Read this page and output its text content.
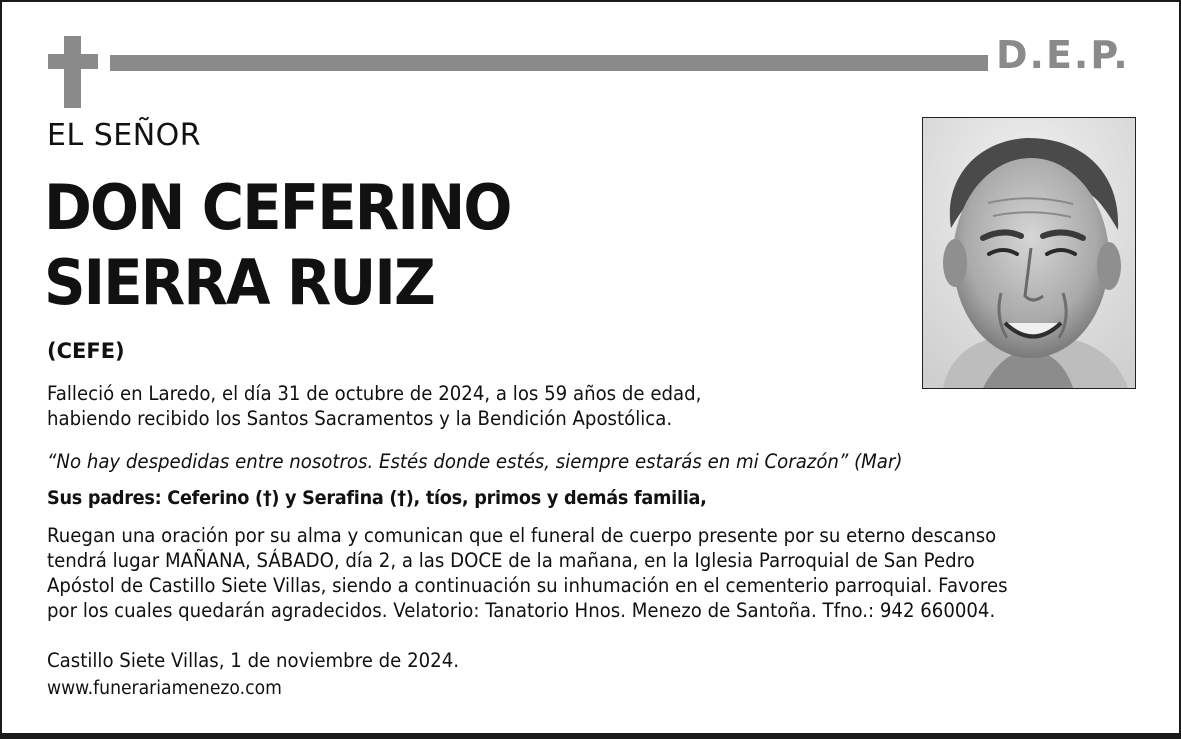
D.E.P.
EL SEÑOR
DON CEFERINO
SIERRA RUIZ
(CEFE)
Falleció en Laredo, el día 31 de octubre de 2024, a los 59 años de edad,
habiendo recibido los Santos Sacramentos y la Bendición Apostólica.
“No hay despedidas entre nosotros. Estés donde estés, siempre estarás en mi Corazón” (Mar)
Sus padres: Ceferino (†) y Serafina (†), tíos, primos y demás familia,
Ruegan una oración por su alma y comunican que el funeral de cuerpo presente por su eterno descanso
tendrá lugar MAÑANA, SÁBADO, día 2, a las DOCE de la mañana, en la Iglesia Parroquial de San Pedro
Apóstol de Castillo Siete Villas, siendo a continuación su inhumación en el cementerio parroquial. Favores
por los cuales quedarán agradecidos. Velatorio: Tanatorio Hnos. Menezo de Santoña. Tfno.: 942 660004.
Castillo Siete Villas, 1 de noviembre de 2024.
www.funerariamenezo.com
